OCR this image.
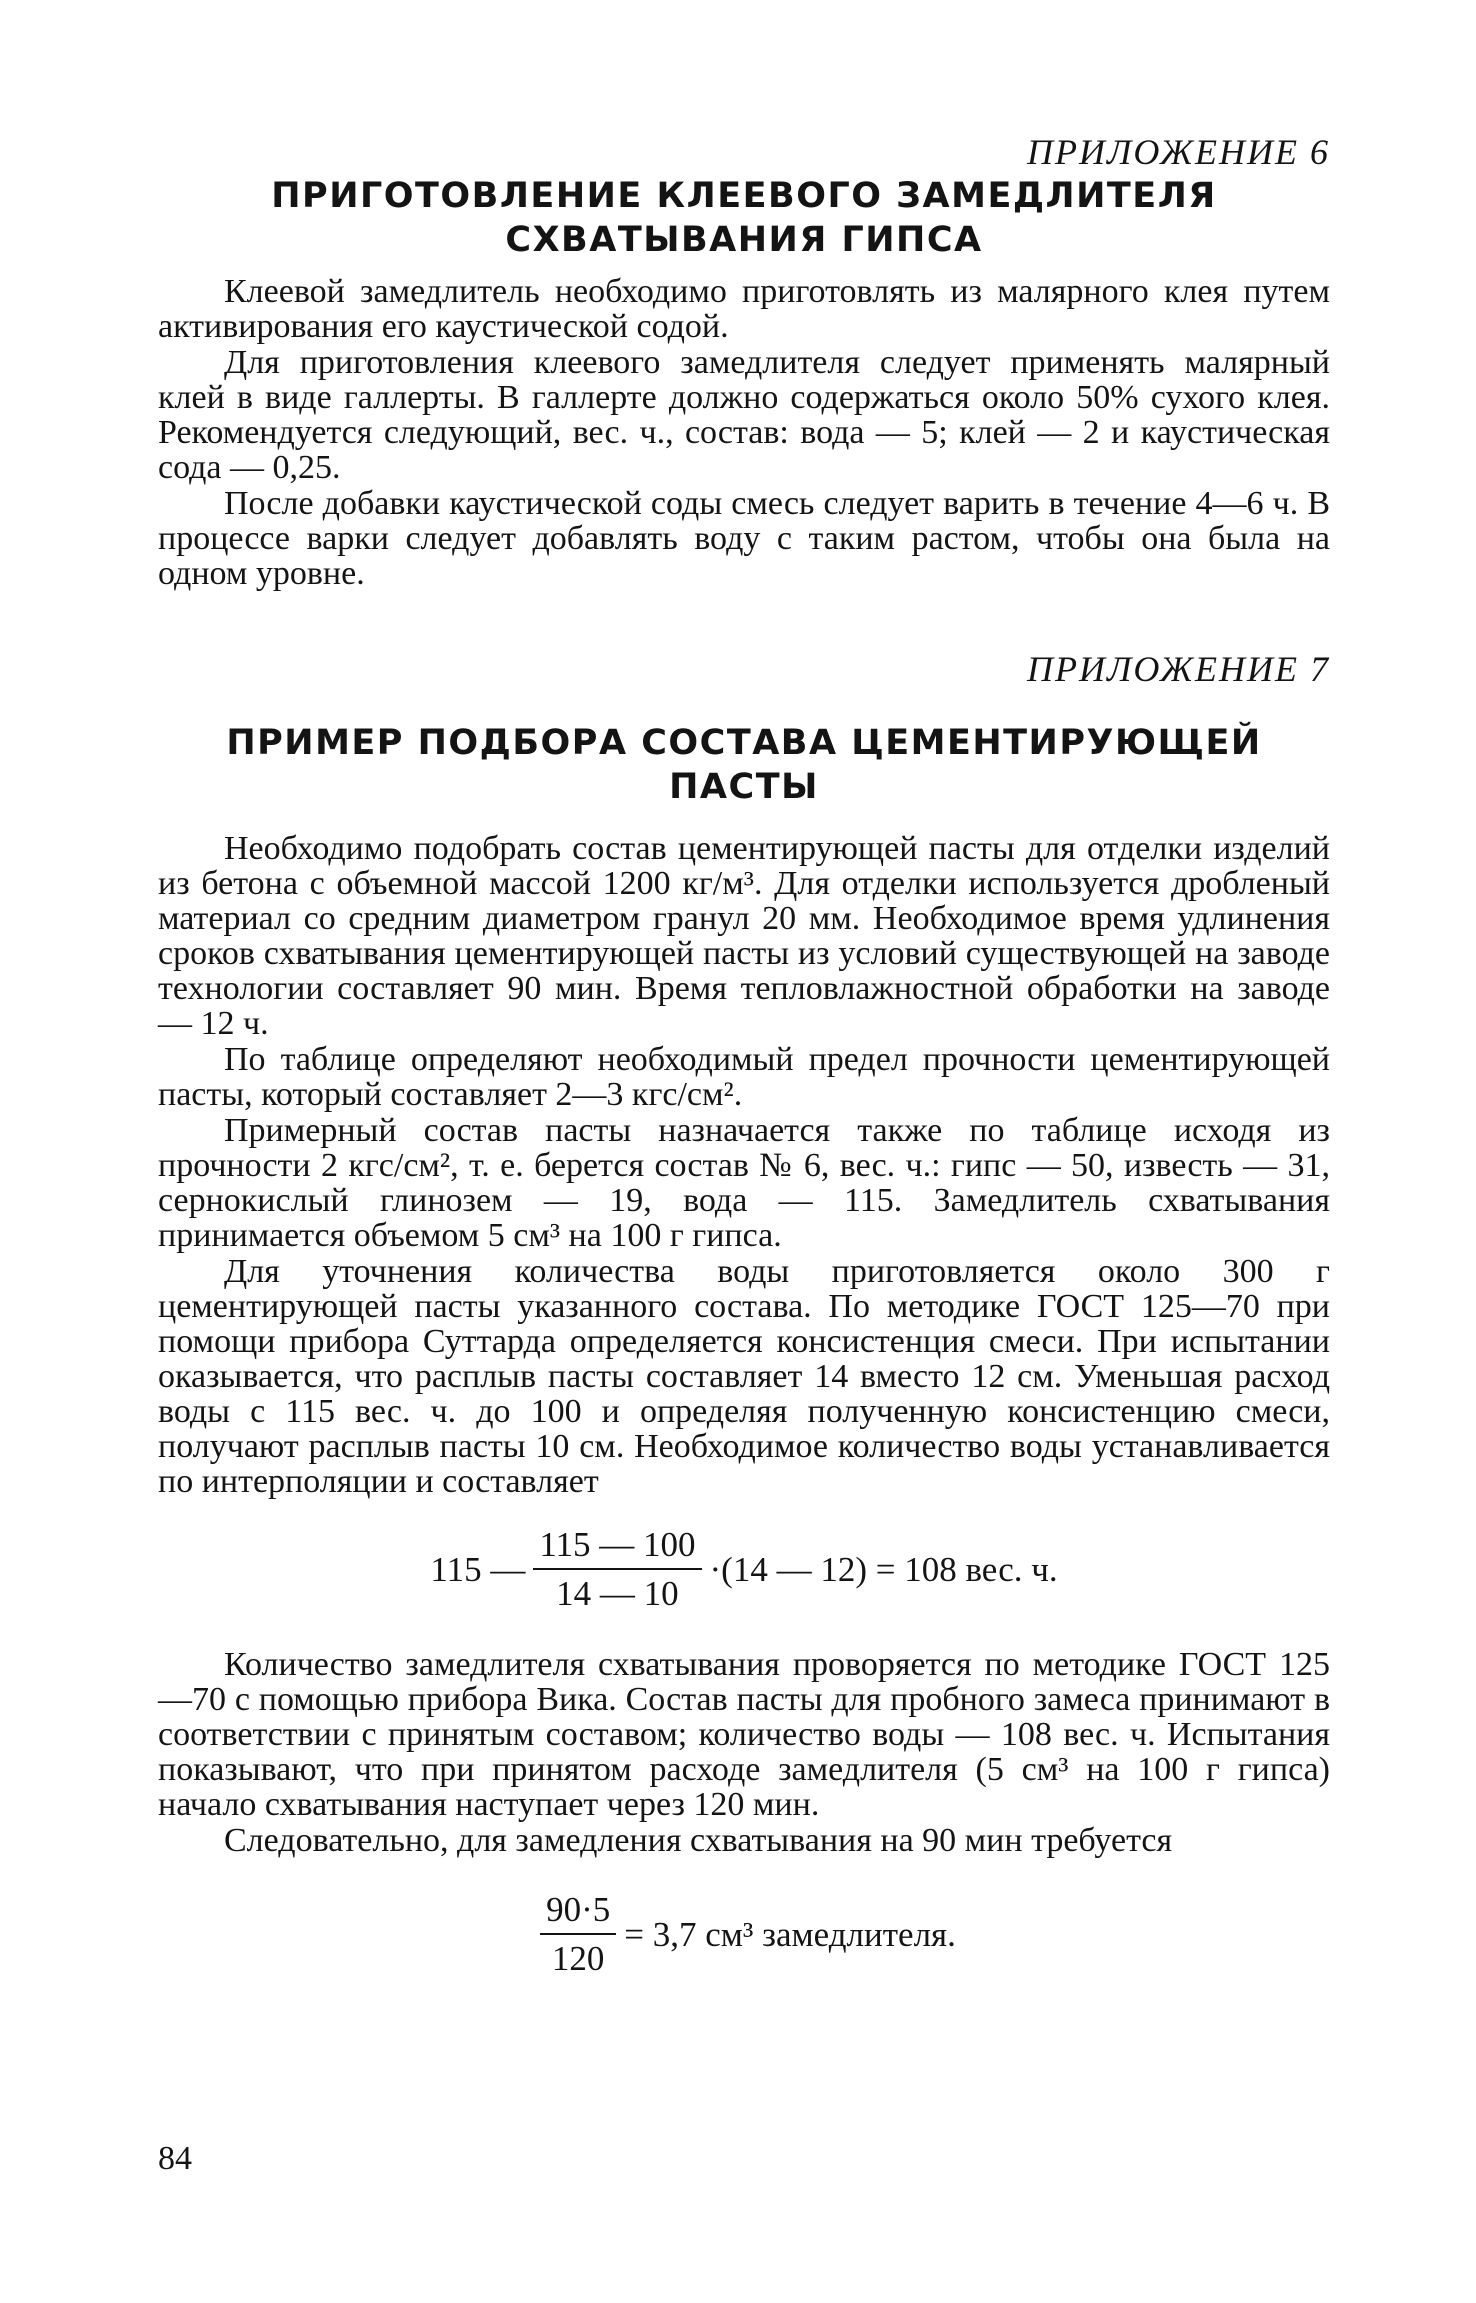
ПРИЛОЖЕНИЕ 6
ПРИГОТОВЛЕНИЕ КЛЕЕВОГО ЗАМЕДЛИТЕЛЯ
СХВАТЫВАНИЯ ГИПСА

Клеевой замедлитель необходимо приготовлять из малярного клея путем активирования его каустической содой.

Для приготовления клеевого замедлителя следует применять малярный клей в виде галлерты. В галлерте должно содержаться около 50% сухого клея. Рекомендуется следующий, вес. ч., состав: вода — 5; клей — 2 и каустическая сода — 0,25.

После добавки каустической соды смесь следует варить в течение 4—6 ч. В процессе варки следует добавлять воду с таким растом, чтобы она была на одном уровне.

ПРИЛОЖЕНИЕ 7
ПРИМЕР ПОДБОРА СОСТАВА ЦЕМЕНТИРУЮЩЕЙ ПАСТЫ

Необходимо подобрать состав цементирующей пасты для отделки изделий из бетона с объемной массой 1200 кг/м³. Для отделки используется дробленый материал со средним диаметром гранул 20 мм. Необходимое время удлинения сроков схватывания цементирующей пасты из условий существующей на заводе технологии составляет 90 мин. Время тепловлажностной обработки на заводе — 12 ч.

По таблице определяют необходимый предел прочности цементирующей пасты, который составляет 2—3 кгс/см².

Примерный состав пасты назначается также по таблице исходя из прочности 2 кгс/см², т. е. берется состав № 6, вес. ч.: гипс — 50, известь — 31, сернокислый глинозем — 19, вода — 115. Замедлитель схватывания принимается объемом 5 см³ на 100 г гипса.

Для уточнения количества воды приготовляется около 300 г цементирующей пасты указанного состава. По методике ГОСТ 125—70 при помощи прибора Суттарда определяется консистенция смеси. При испытании оказывается, что расплыв пасты составляет 14 вместо 12 см. Уменьшая расход воды с 115 вес. ч. до 100 и определяя полученную консистенцию смеси, получают расплыв пасты 10 см. Необходимое количество воды устанавливается по интерполяции и составляет

115 — $\frac{115 — 100}{14 — 10} \cdot(14$ — 12) = 108 вес. ч.

Количество замедлителя схватывания проворяется по методике ГОСТ 125—70 с помощью прибора Вика. Состав пасты для пробного замеса принимают в соответствии с принятым составом; количество воды — 108 вес. ч. Испытания показывают, что при принятом расходе замедлителя (5 см³ на 100 г гипса) начало схватывания наступает через 120 мин.

Следовательно, для замедления схватывания на 90 мин требуется

$\frac{90\cdot 5}{120} = 3,7$ см³ замедлителя.
84
